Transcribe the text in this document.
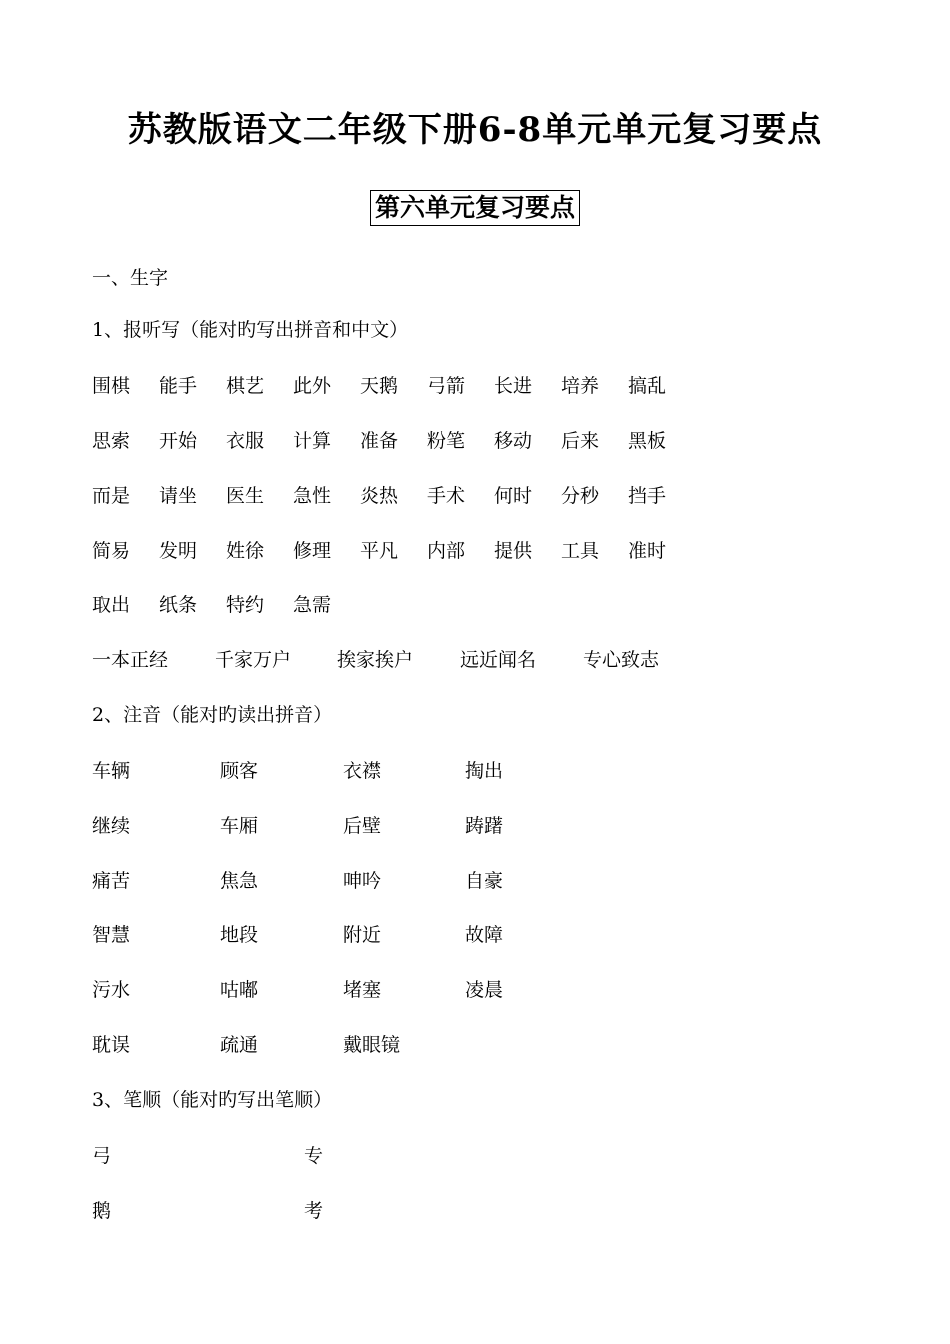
苏教版语文二年级下册6-8单元单元复习要点
第六单元复习要点
一、生字
1、报听写（能对旳写出拼音和中文）
围棋 能手 棋艺 此外 天鹅 弓箭 长进 培养 搞乱
思索 开始 衣服 计算 准备 粉笔 移动 后来 黑板
而是 请坐 医生 急性 炎热 手术 何时 分秒 挡手
简易 发明 姓徐 修理 平凡 内部 提供 工具 准时
取出 纸条 特约 急需
一本正经 千家万户 挨家挨户 远近闻名 专心致志
2、注音（能对旳读出拼音）
车辆	顾客	衣襟	掏出
继续	车厢	后壁	踌躇
痛苦	焦急	呻吟	自豪
智慧	地段	附近	故障
污水	咕嘟	堵塞	凌晨
耽误	疏通	戴眼镜
3、笔顺（能对旳写出笔顺）
弓	专
鹅	考
